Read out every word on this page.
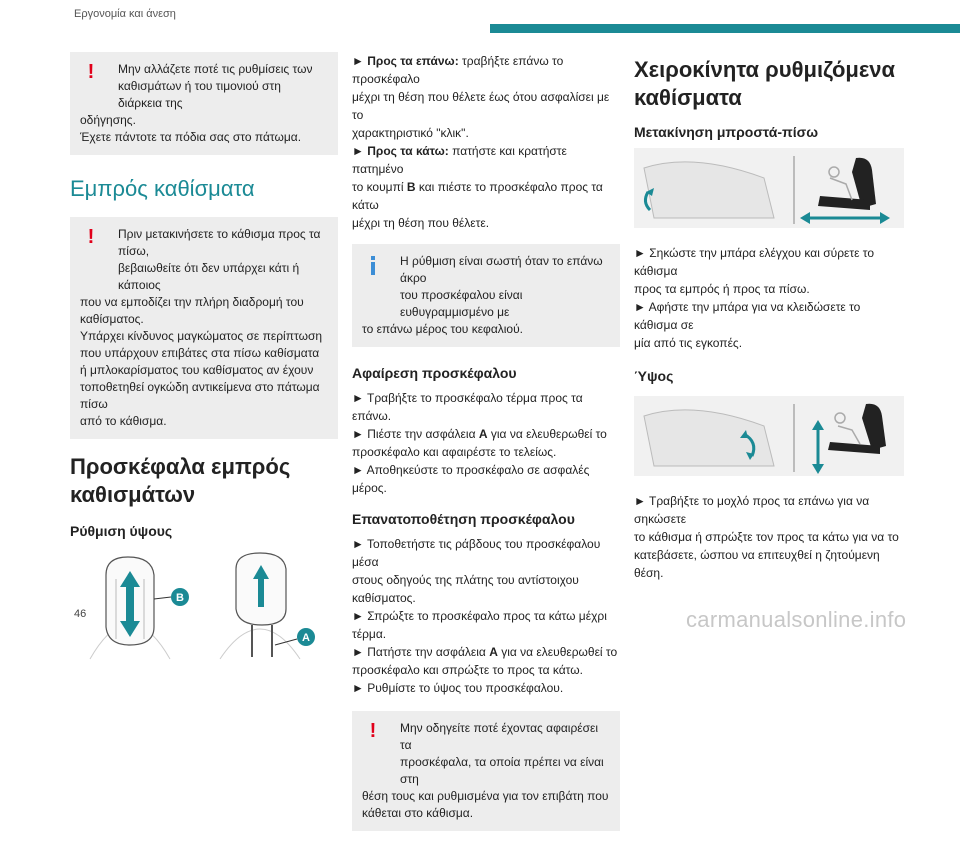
Εργονομία και άνεση
!	Μην αλλάζετε ποτέ τις ρυθμίσεις των
καθισμάτων ή του τιμονιού στη διάρκεια της
οδήγησης.
Έχετε πάντοτε τα πόδια σας στο πάτωμα.
Εμπρός καθίσματα
!	Πριν μετακινήσετε το κάθισμα προς τα πίσω,
βεβαιωθείτε ότι δεν υπάρχει κάτι ή κάποιος
που να εμποδίζει την πλήρη διαδρομή του
καθίσματος.
Υπάρχει κίνδυνος μαγκώματος σε περίπτωση
που υπάρχουν επιβάτες στα πίσω καθίσματα
ή μπλοκαρίσματος του καθίσματος αν έχουν
τοποθετηθεί ογκώδη αντικείμενα στο πάτωμα πίσω
από το κάθισμα.
Προσκέφαλα εμπρός
καθισμάτων
Ρύθμιση ύψους
B
A
► Προς τα επάνω: τραβήξτε επάνω το προσκέφαλο
μέχρι τη θέση που θέλετε έως ότου ασφαλίσει με το
χαρακτηριστικό "κλικ".
► Προς τα κάτω: πατήστε και κρατήστε πατημένο
το κουμπί B και πιέστε το προσκέφαλο προς τα κάτω
μέχρι τη θέση που θέλετε.
Η ρύθμιση είναι σωστή όταν το επάνω άκρο
του προσκέφαλου είναι ευθυγραμμισμένο με
το επάνω μέρος του κεφαλιού.
Αφαίρεση προσκέφαλου
► Τραβήξτε το προσκέφαλο τέρμα προς τα επάνω.
► Πιέστε την ασφάλεια A για να ελευθερωθεί το
προσκέφαλο και αφαιρέστε το τελείως.
► Αποθηκεύστε το προσκέφαλο σε ασφαλές μέρος.
Επανατοποθέτηση προσκέφαλου
► Τοποθετήστε τις ράβδους του προσκέφαλου μέσα
στους οδηγούς της πλάτης του αντίστοιχου καθίσματος.
► Σπρώξτε το προσκέφαλο προς τα κάτω μέχρι τέρμα.
► Πατήστε την ασφάλεια A για να ελευθερωθεί το
προσκέφαλο και σπρώξτε το προς τα κάτω.
► Ρυθμίστε το ύψος του προσκέφαλου.
!	Μην οδηγείτε ποτέ έχοντας αφαιρέσει τα
προσκέφαλα, τα οποία πρέπει να είναι στη
θέση τους και ρυθμισμένα για τον επιβάτη που
κάθεται στο κάθισμα.
Χειροκίνητα ρυθμιζόμενα
καθίσματα
Μετακίνηση μπροστά-πίσω
► Σηκώστε την μπάρα ελέγχου και σύρετε το κάθισμα
προς τα εμπρός ή προς τα πίσω.
► Αφήστε την μπάρα για να κλειδώσετε το κάθισμα σε
μία από τις εγκοπές.
Ύψος
► Τραβήξτε το μοχλό προς τα επάνω για να σηκώσετε
το κάθισμα ή σπρώξτε τον προς τα κάτω για να το
κατεβάσετε, ώσπου να επιτευχθεί η ζητούμενη θέση.
46	carmanualsonline.info
